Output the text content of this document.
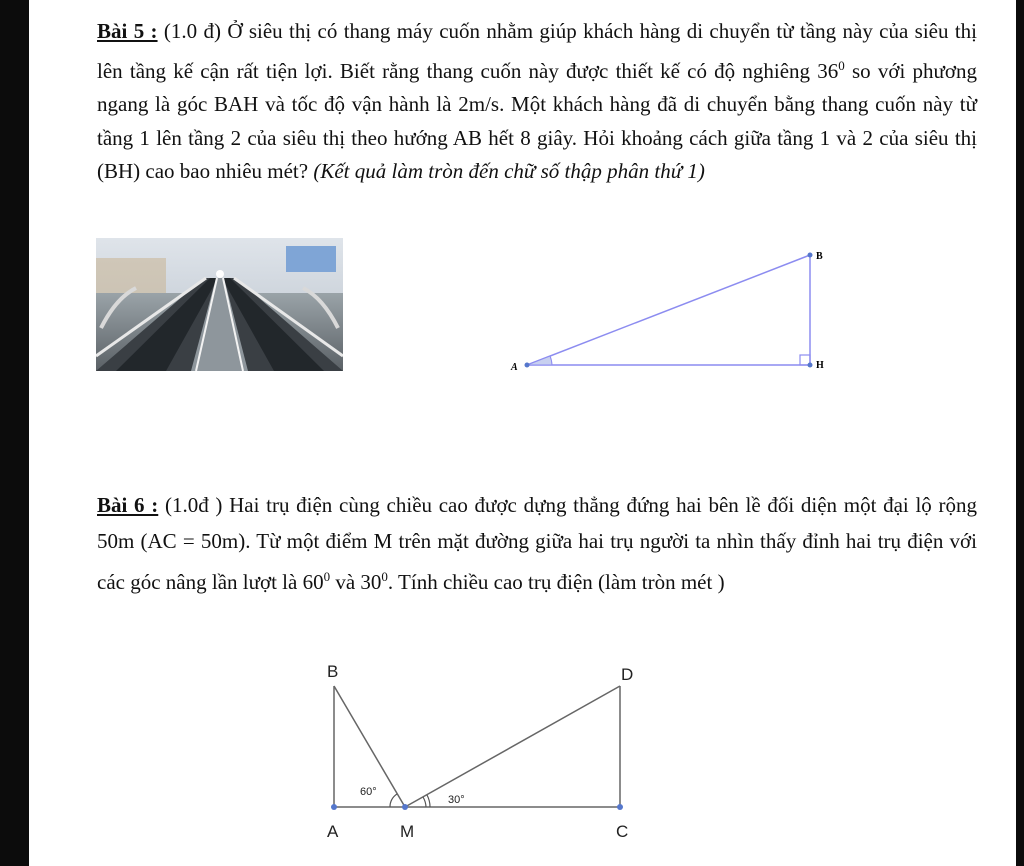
Bài 5 : (1.0 đ) Ở siêu thị có thang máy cuốn nhằm giúp khách hàng di chuyển từ tầng này của siêu thị lên tầng kế cận rất tiện lợi. Biết rằng thang cuốn này được thiết kế có độ nghiêng $36^0$ so với phương ngang là góc BAH và tốc độ vận hành là 2m/s. Một khách hàng đã di chuyển bằng thang cuốn này từ tầng 1 lên tầng 2 của siêu thị theo hướng AB hết 8 giây. Hỏi khoảng cách giữa tầng 1 và 2 của siêu thị (BH) cao bao nhiêu mét? (Kết quả làm tròn đến chữ số thập phân thứ 1)
A
B
H
Bài 6 : (1.0đ ) Hai trụ điện cùng chiều cao được dựng thẳng đứng hai bên lề đối diện một đại lộ rộng 50m (AC = 50m). Từ một điểm M trên mặt đường giữa hai trụ người ta nhìn thấy đỉnh hai trụ điện với các góc nâng lần lượt là $60^0$ và $30^0$. Tính chiều cao trụ điện (làm tròn mét )
B	D
A	M	C
60°
30°
